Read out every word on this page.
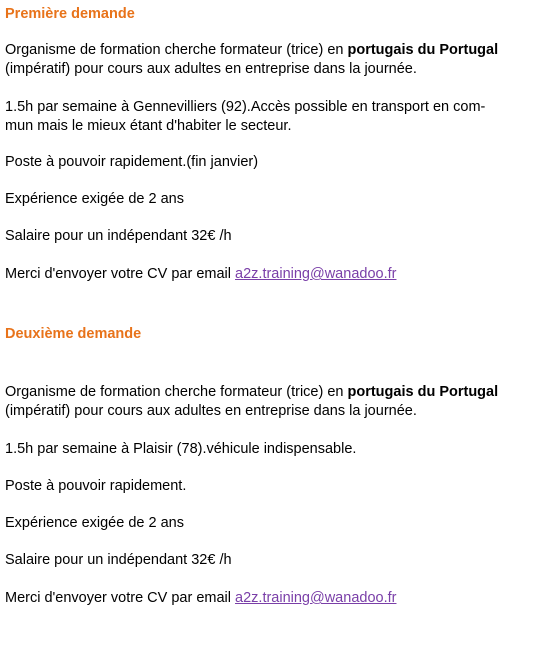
Première demande
Organisme de formation cherche formateur (trice) en portugais du Portugal
(impératif) pour cours aux adultes en entreprise dans la journée.
1.5h par semaine à Gennevilliers (92).Accès possible en transport en com-
mun mais le mieux étant d'habiter le secteur.
Poste à pouvoir rapidement.(fin janvier)
Expérience exigée de 2 ans
Salaire pour un indépendant 32€ /h
Merci d'envoyer votre CV par email a2z.training@wanadoo.fr
Deuxième demande
Organisme de formation cherche formateur (trice) en portugais du Portugal
(impératif) pour cours aux adultes en entreprise dans la journée.
1.5h par semaine à Plaisir (78).véhicule indispensable.
Poste à pouvoir rapidement.
Expérience exigée de 2 ans
Salaire pour un indépendant 32€ /h
Merci d'envoyer votre CV par email a2z.training@wanadoo.fr
